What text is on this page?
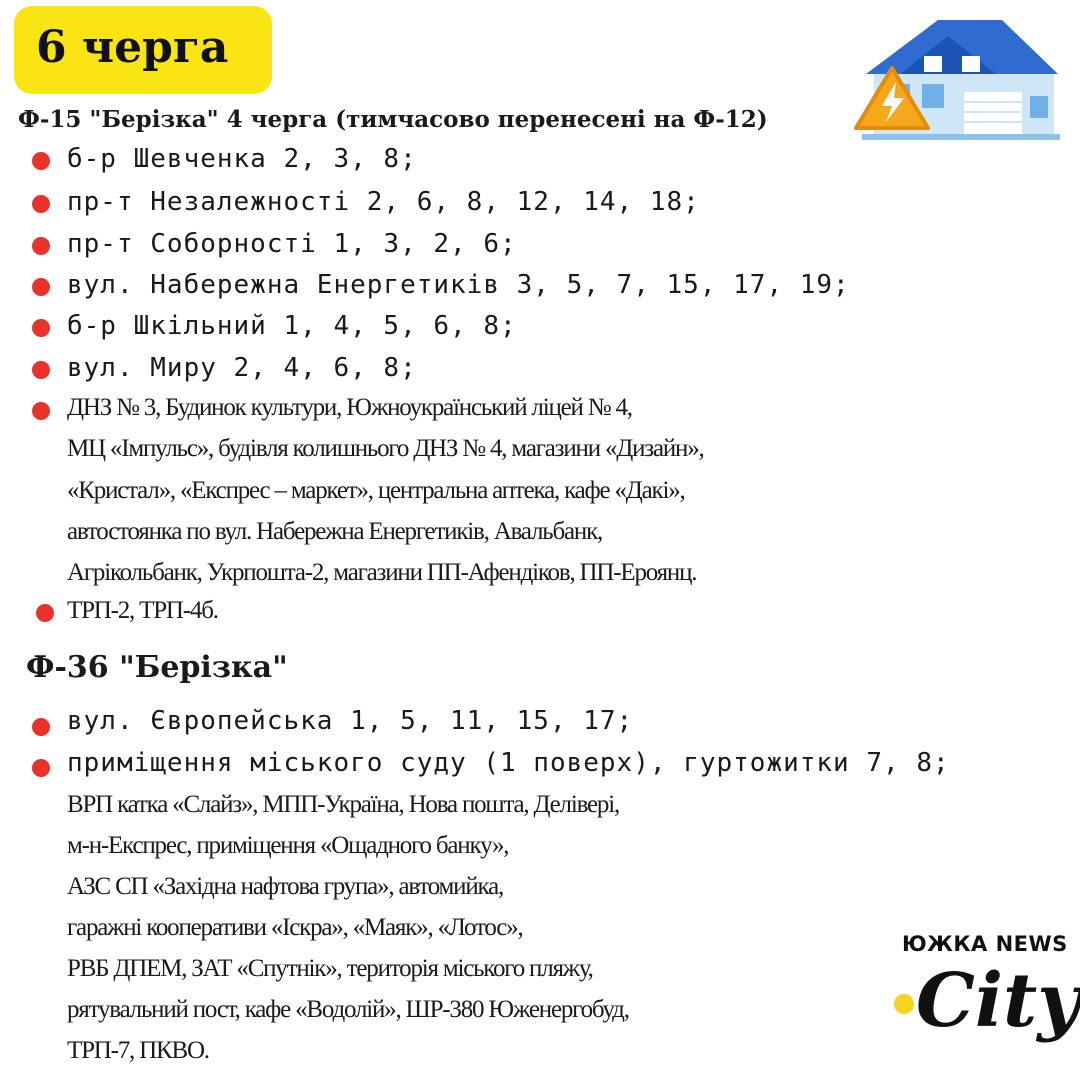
6 черга
Ф-15 "Берізка" 4 черга (тимчасово перенесені на Ф-12)
б-р Шевченка 2, 3, 8;
пр-т Незалежності 2, 6, 8, 12, 14, 18;
пр-т Соборності 1, 3, 2, 6;
вул. Набережна Енергетиків 3, 5, 7, 15, 17, 19;
б-р Шкільний 1, 4, 5, 6, 8;
вул. Миру 2, 4, 6, 8;
ДНЗ № 3, Будинок культури, Южноукраїнський ліцей № 4,
МЦ «Імпульс», будівля колишнього ДНЗ № 4, магазини «Дизайн»,
«Кристал», «Експрес – маркет», центральна аптека, кафе «Дакі»,
автостоянка по вул. Набережна Енергетиків, Авальбанк,
Агрікольбанк, Укрпошта-2, магазини ПП-Афендіков, ПП-Ероянц.
ТРП-2, ТРП-4б.
Ф-36 "Берізка"
вул. Європейська 1, 5, 11, 15, 17;
приміщення міського суду (1 поверх), гуртожитки 7, 8;
ВРП катка «Слайз», МПП-Україна, Нова пошта, Делівері,
м-н-Експрес, приміщення «Ощадного банку»,
АЗС СП «Західна нафтова група», автомийка,
гаражні кооперативи «Іскра», «Маяк», «Лотос»,
РВБ ДПЕМ, ЗАТ «Спутнік», територія міського пляжу,
рятувальний пост, кафе «Водолій», ШР-380 Юженергобуд,
ТРП-7, ПКВО.
ЮЖКА NEWS
City
